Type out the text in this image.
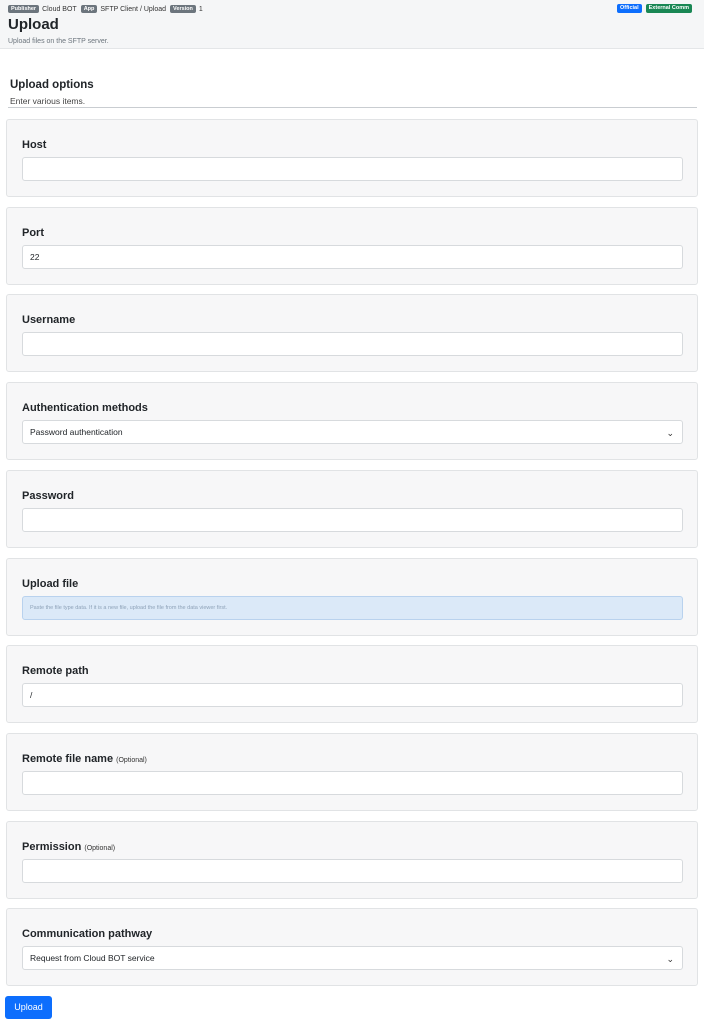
Publisher Cloud BOT	App SFTP Client / Upload	Version 1	Official	External Comm
Upload
Upload files on the SFTP server.
Upload options
Enter various items.
Host
Port
22
Username
Authentication methods
Password authentication	⌄
Password
Upload file
Paste the file type data. If it is a new file, upload the file from the data viewer first.
Remote path
/
Remote file name (Optional)
Permission (Optional)
Communication pathway
Request from Cloud BOT service	⌄
Upload
